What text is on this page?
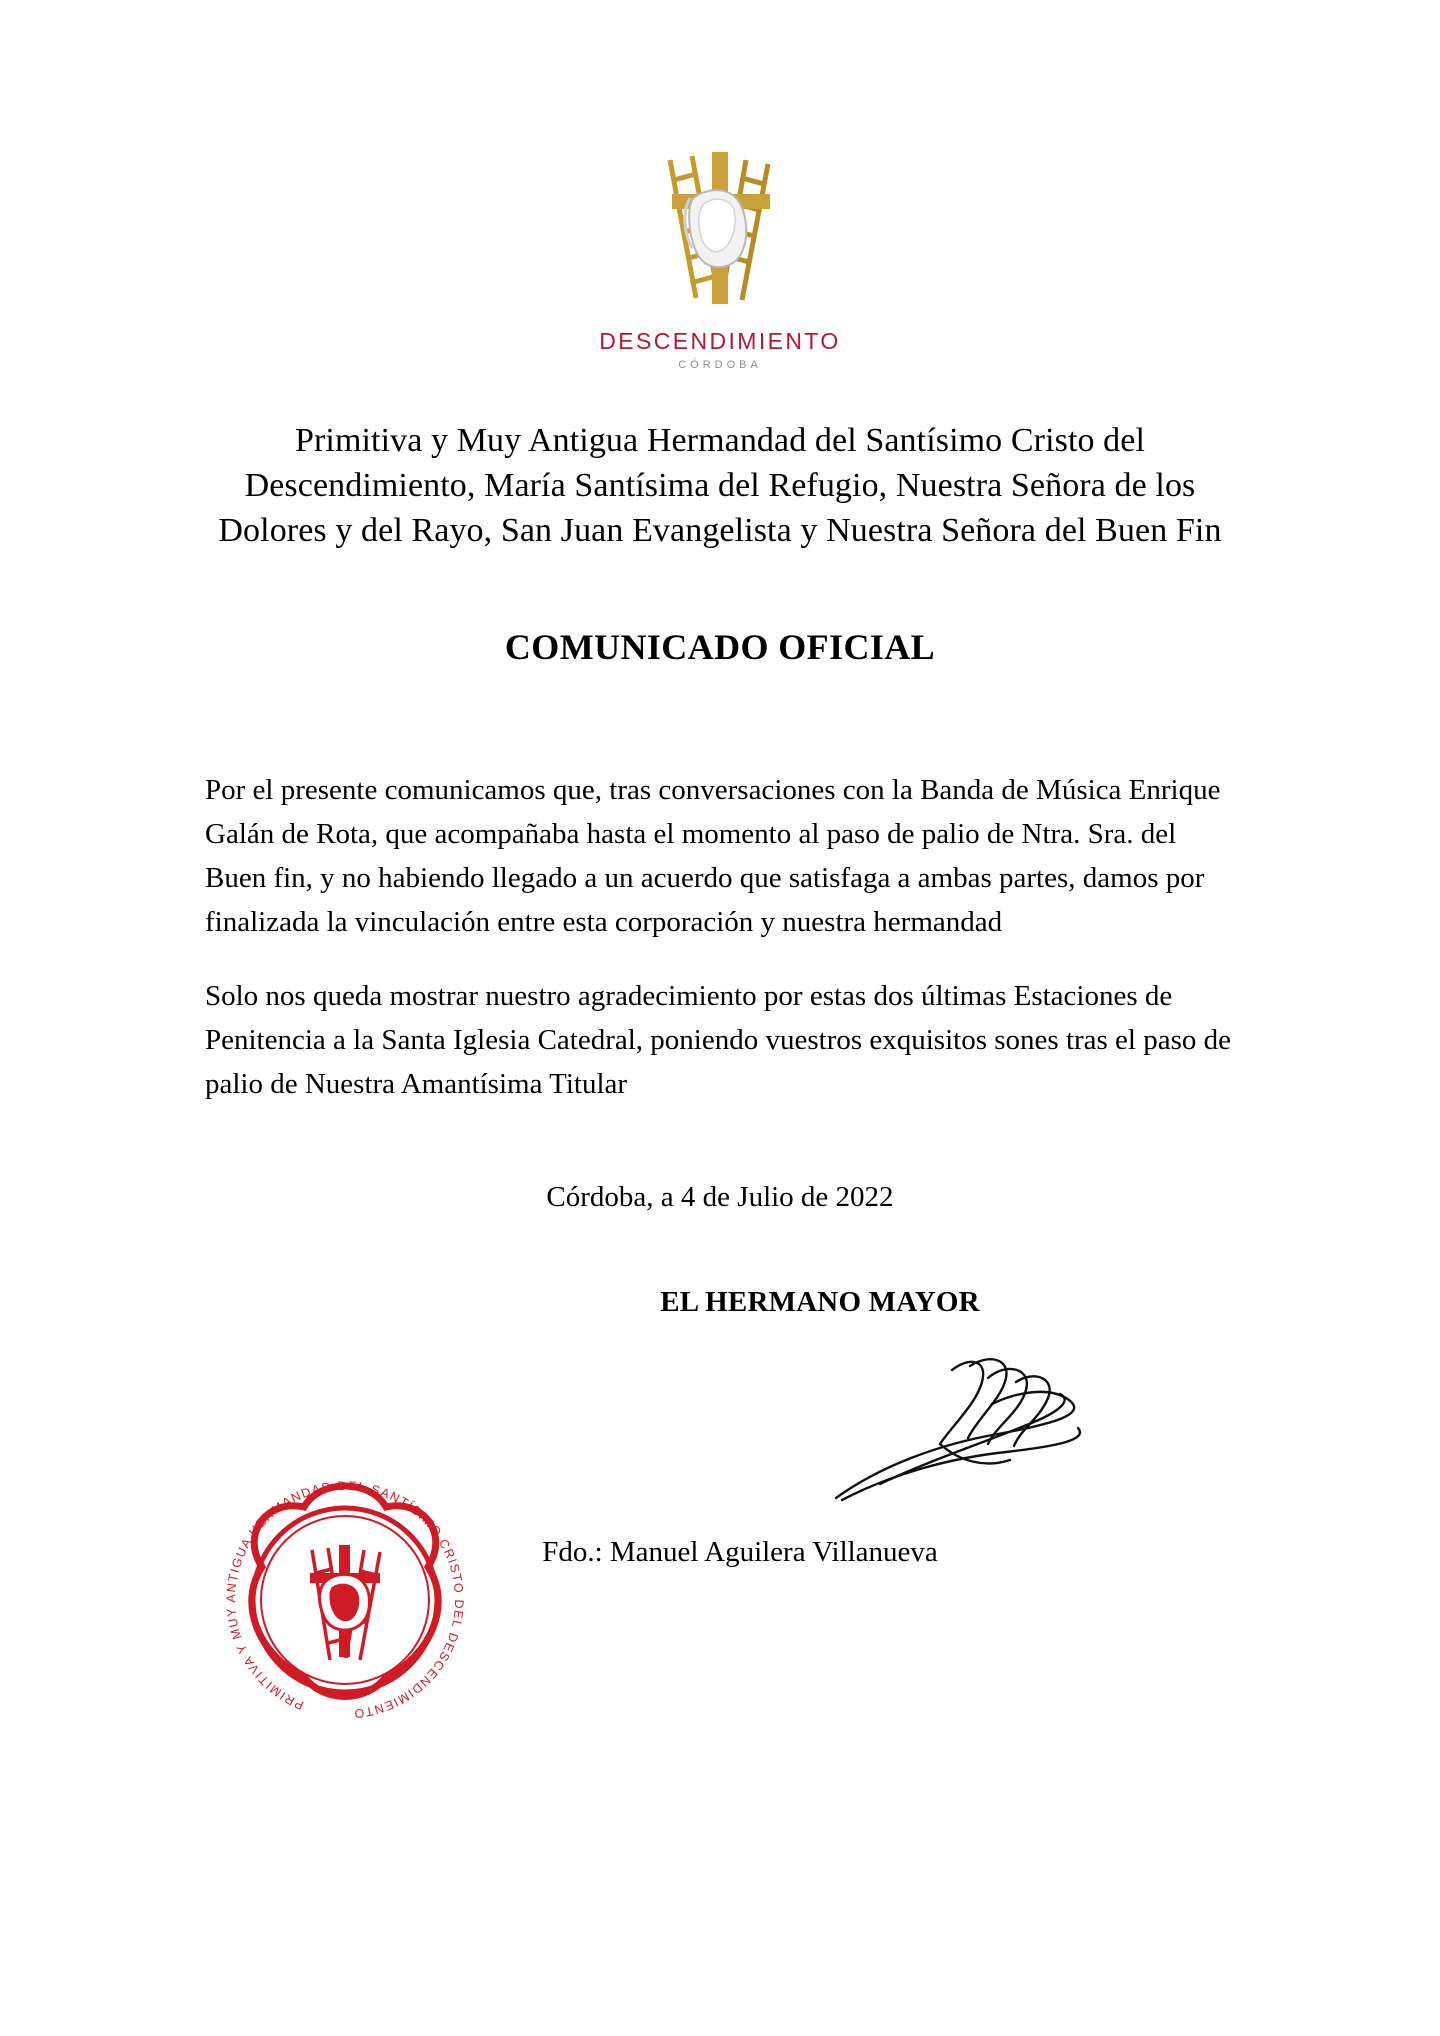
DESCENDIMIENTO
CÓRDOBA
Primitiva y Muy Antigua Hermandad del Santísimo Cristo del Descendimiento, María Santísima del Refugio, Nuestra Señora de los Dolores y del Rayo, San Juan Evangelista y Nuestra Señora del Buen Fin
COMUNICADO OFICIAL

Por el presente comunicamos que, tras conversaciones con la Banda de Música Enrique Galán de Rota, que acompañaba hasta el momento al paso de palio de Ntra. Sra. del Buen fin, y no habiendo llegado a un acuerdo que satisfaga a ambas partes, damos por finalizada la vinculación entre esta corporación y nuestra hermandad

Solo nos queda mostrar nuestro agradecimiento por estas dos últimas Estaciones de Penitencia a la Santa Iglesia Catedral, poniendo vuestros exquisitos sones tras el paso de palio de Nuestra Amantísima Titular

Córdoba, a 4 de Julio de 2022
EL HERMANO MAYOR
Fdo.: Manuel Aguilera Villanueva
PRIMITIVA Y MUY ANTIGUA HERMANDAD DEL SANTÍSIMO CRISTO DEL DESCENDIMIENTO
